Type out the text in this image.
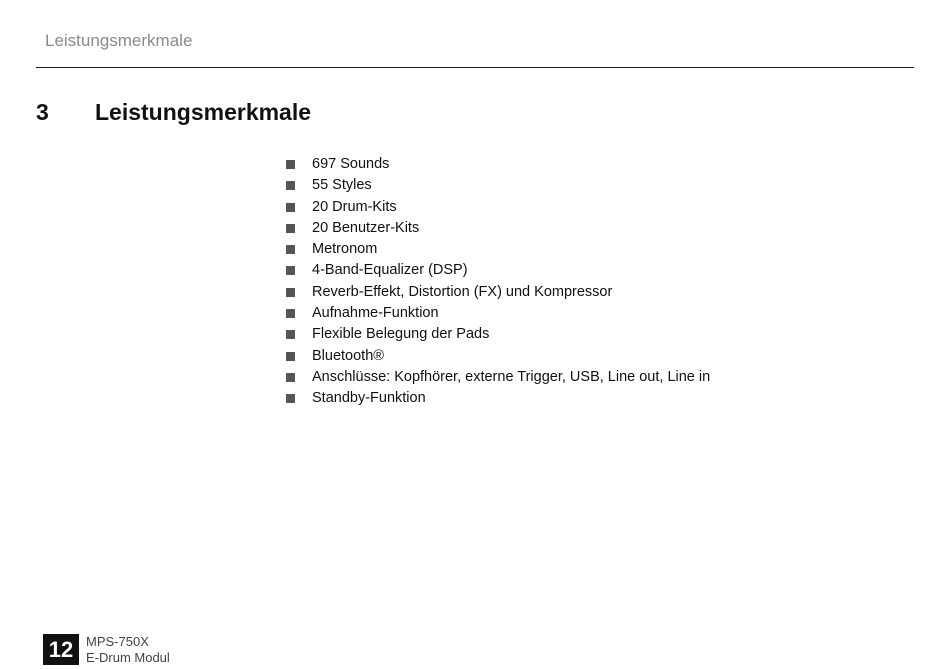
Leistungsmerkmale
3 Leistungsmerkmale
697 Sounds
55 Styles
20 Drum-Kits
20 Benutzer-Kits
Metronom
4-Band-Equalizer (DSP)
Reverb-Effekt, Distortion (FX) und Kompressor
Aufnahme-Funktion
Flexible Belegung der Pads
Bluetooth®
Anschlüsse: Kopfhörer, externe Trigger, USB, Line out, Line in
Standby-Funktion
12 MPS-750X
E-Drum Modul
